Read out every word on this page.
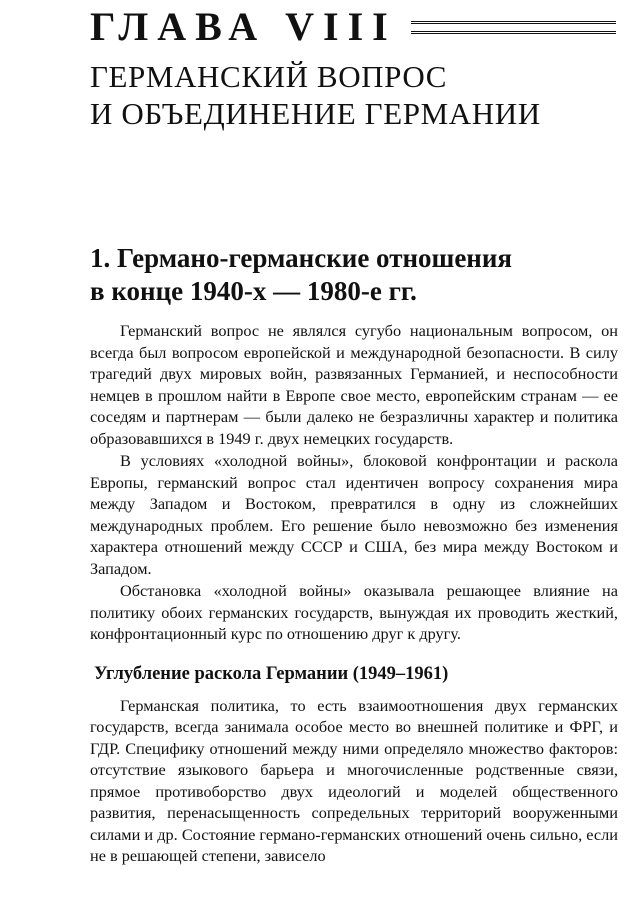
ГЛАВА VIII
ГЕРМАНСКИЙ ВОПРОС
И ОБЪЕДИНЕНИЕ ГЕРМАНИИ
1. Германо-германские отношения
в конце 1940-х — 1980-е гг.

Германский вопрос не являлся сугубо национальным вопросом, он всегда был вопросом европейской и международной безопасности. В силу трагедий двух мировых войн, развязанных Германией, и неспособности немцев в прошлом найти в Европе свое место, европейским странам — ее соседям и партнерам — были далеко не безразличны характер и политика образовавшихся в 1949 г. двух немецких государств.

В условиях «холодной войны», блоковой конфронтации и раскола Европы, германский вопрос стал идентичен вопросу сохранения мира между Западом и Востоком, превратился в одну из сложнейших международных проблем. Его решение было невозможно без изменения характера отношений между СССР и США, без мира между Востоком и Западом.

Обстановка «холодной войны» оказывала решающее влияние на политику обоих германских государств, вынуждая их проводить жесткий, конфронтационный курс по отношению друг к другу.

Углубление раскола Германии (1949–1961)

Германская политика, то есть взаимоотношения двух германских государств, всегда занимала особое место во внешней политике и ФРГ, и ГДР. Специфику отношений между ними определяло множество факторов: отсутствие языкового барьера и многочисленные родственные связи, прямое противоборство двух идеологий и моделей общественного развития, перенасыщенность сопредельных территорий вооруженными силами и др. Состояние германо-германских отношений очень сильно, если не в решающей степени, зависело
